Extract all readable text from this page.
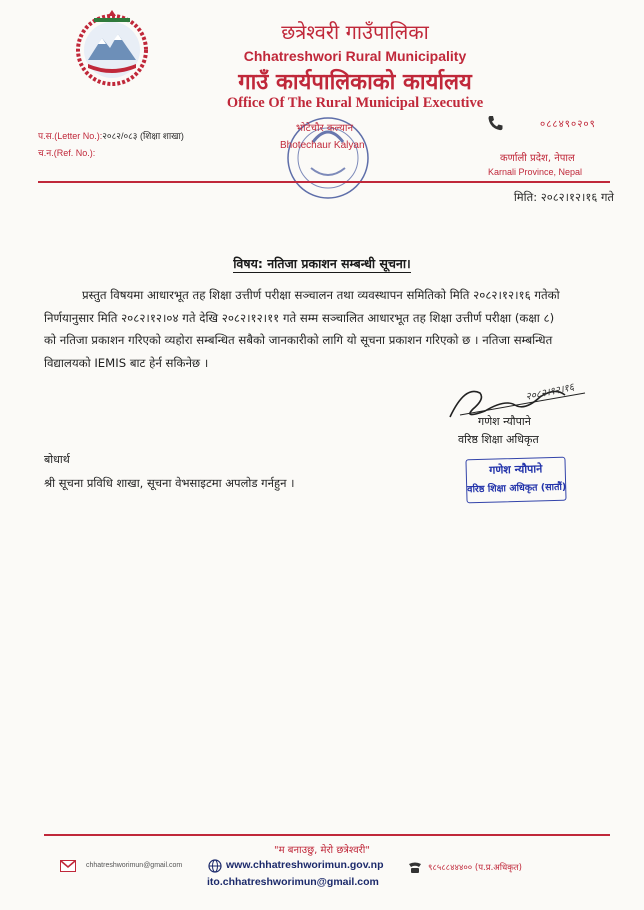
छत्रेश्वरी गाउँपालिका
Chhatreshwori Rural Municipality
गाउँ कार्यपालिकाको कार्यालय
Office Of The Rural Municipal Executive
प.स.(Letter No.):२०८२/०८३ (शिक्षा शाखा)
च.न.(Ref. No.):
भोटेचौर कल्यान
Bhotechaur Kalyan
०८८४९०२०९
कर्णाली प्रदेश, नेपाल
Karnali Province, Nepal
मिति: २०८२।१२।१६ गते
विषय: नतिजा प्रकाशन सम्बन्धी सूचना।
प्रस्तुत विषयमा आधारभूत तह शिक्षा उत्तीर्ण परीक्षा सञ्चालन तथा व्यवस्थापन समितिको मिति २०८२।१२।१६ गतेको
निर्णयानुसार मिति २०८२।१२।०४ गते देखि २०८२।१२।११ गते सम्म सञ्चालित आधारभूत तह शिक्षा उत्तीर्ण परीक्षा (कक्षा ८)
को नतिजा प्रकाशन गरिएको व्यहोरा सम्बन्धित सबैको जानकारीको लागि यो सूचना प्रकाशन गरिएको छ । नतिजा सम्बन्धित
विद्यालयको IEMIS बाट हेर्न सकिनेछ ।
२०८२।१२।१६
गणेश न्यौपाने
वरिष्ठ शिक्षा अधिकृत
गणेश न्यौपाने
वरिष्ठ शिक्षा अधिकृत (सातौं)
बोधार्थ
श्री सूचना प्रविधि शाखा, सूचना वेभसाइटमा अपलोड गर्नहुन ।
"म बनाउछु, मेरो छत्रेश्वरी"
chhatreshworimun@gmail.com	www.chhatreshworimun.gov.np
ito.chhatreshworimun@gmail.com
९८५८८४४४०० (प.प्र.अधिकृत)
